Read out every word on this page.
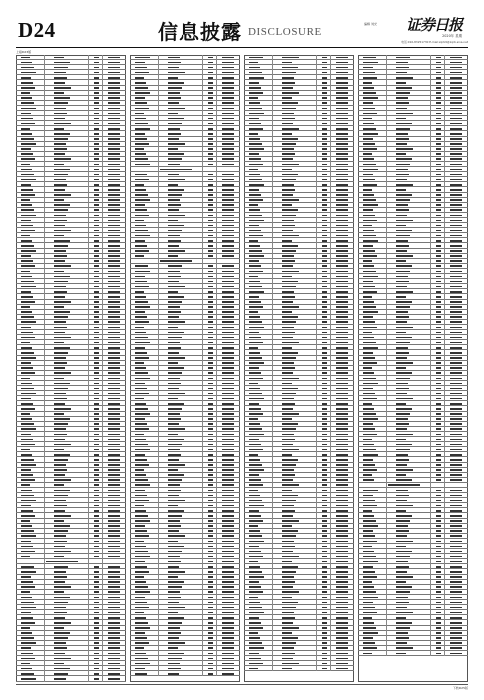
D24	信息披露 DISCLOSURE
编辑 刘光 证券日报
2020年 星期
电话:010-83251730 E-mail:zqrb9@zqrb.sina.net
上接D23版
下转D25版
